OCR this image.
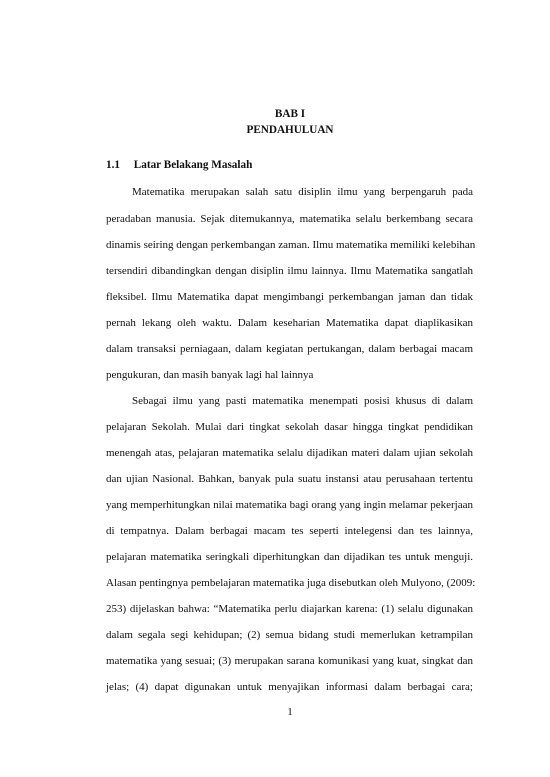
BAB I
PENDAHULUAN
1.1 Latar Belakang Masalah
Matematika merupakan salah satu disiplin ilmu yang berpengaruh pada
peradaban manusia. Sejak ditemukannya, matematika selalu berkembang secara
dinamis seiring dengan perkembangan zaman. Ilmu matematika memiliki kelebihan
tersendiri dibandingkan dengan disiplin ilmu lainnya. Ilmu Matematika sangatlah
fleksibel. Ilmu Matematika dapat mengimbangi perkembangan jaman dan tidak
pernah lekang oleh waktu. Dalam keseharian Matematika dapat diaplikasikan
dalam transaksi perniagaan, dalam kegiatan pertukangan, dalam berbagai macam
pengukuran, dan masih banyak lagi hal lainnya
Sebagai ilmu yang pasti matematika menempati posisi khusus di dalam
pelajaran Sekolah. Mulai dari tingkat sekolah dasar hingga tingkat pendidikan
menengah atas, pelajaran matematika selalu dijadikan materi dalam ujian sekolah
dan ujian Nasional. Bahkan, banyak pula suatu instansi atau perusahaan tertentu
yang memperhitungkan nilai matematika bagi orang yang ingin melamar pekerjaan
di tempatnya. Dalam berbagai macam tes seperti intelegensi dan tes lainnya,
pelajaran matematika seringkali diperhitungkan dan dijadikan tes untuk menguji.
Alasan pentingnya pembelajaran matematika juga disebutkan oleh Mulyono, (2009:
253) dijelaskan bahwa: “Matematika perlu diajarkan karena: (1) selalu digunakan
dalam segala segi kehidupan; (2) semua bidang studi memerlukan ketrampilan
matematika yang sesuai; (3) merupakan sarana komunikasi yang kuat, singkat dan
jelas; (4) dapat digunakan untuk menyajikan informasi dalam berbagai cara;
1
